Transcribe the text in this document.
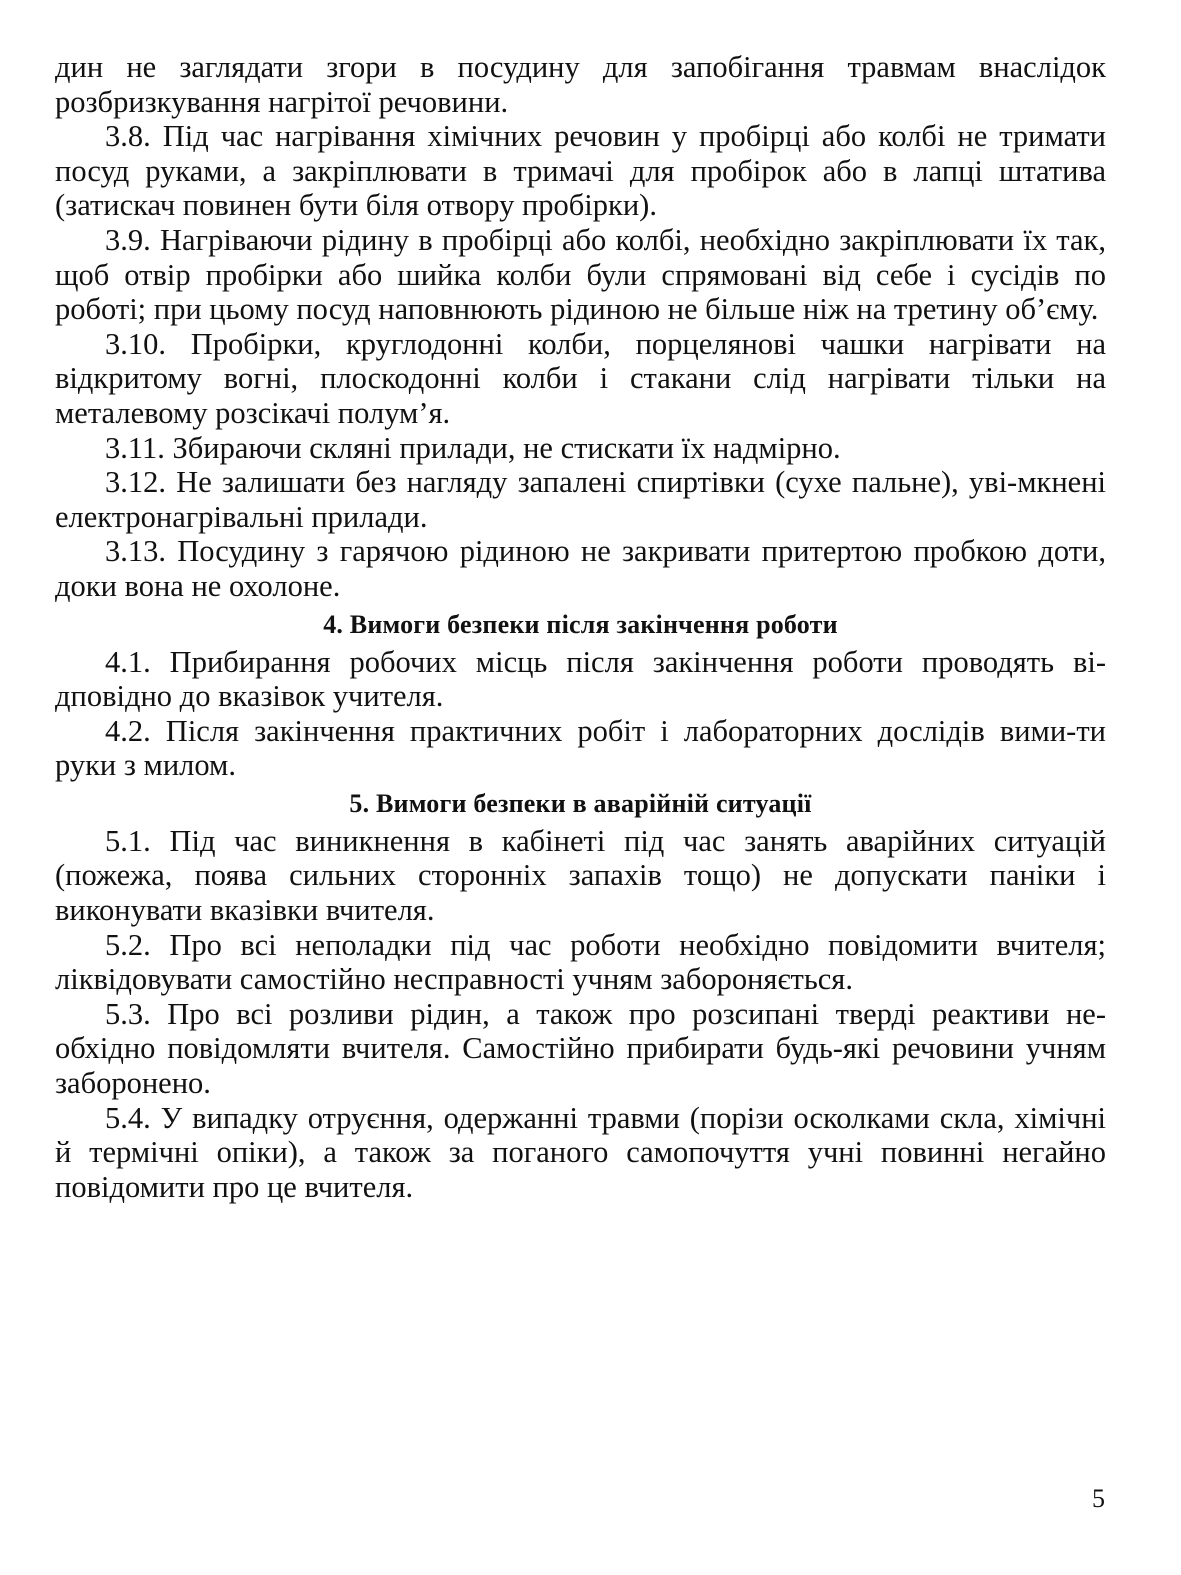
дин не заглядати згори в посудину для запобігання травмам внаслідок розбризкування нагрітої речовини.

3.8. Під час нагрівання хімічних речовин у пробірці або колбі не тримати посуд руками, а закріплювати в тримачі для пробірок або в лапці штатива (затискач повинен бути біля отвору пробірки).

3.9. Нагріваючи рідину в пробірці або колбі, необхідно закріплювати їх так, щоб отвір пробірки або шийка колби були спрямовані від себе і сусідів по роботі; при цьому посуд наповнюють рідиною не більше ніж на третину об’єму.

3.10. Пробірки, круглодонні колби, порцелянові чашки нагрівати на відкритому вогні, плоскодонні колби і стакани слід нагрівати тільки на металевому розсікачі полум’я.

3.11. Збираючи скляні прилади, не стискати їх надмірно.

3.12. Не залишати без нагляду запалені спиртівки (сухе пальне), уві-мкнені електронагрівальні прилади.

3.13. Посудину з гарячою рідиною не закривати притертою пробкою доти, доки вона не охолоне.

4. Вимоги безпеки після закінчення роботи

4.1. Прибирання робочих місць після закінчення роботи проводять ві-дповідно до вказівок учителя.

4.2. Після закінчення практичних робіт і лабораторних дослідів вими-ти руки з милом.

5. Вимоги безпеки в аварійній ситуації

5.1. Під час виникнення в кабінеті під час занять аварійних ситуацій (пожежа, поява сильних сторонніх запахів тощо) не допускати паніки і виконувати вказівки вчителя.

5.2. Про всі неполадки під час роботи необхідно повідомити вчителя; ліквідовувати самостійно несправності учням забороняється.

5.3. Про всі розливи рідин, а також про розсипані тверді реактиви не-обхідно повідомляти вчителя. Самостійно прибирати будь-які речовини учням заборонено.

5.4. У випадку отруєння, одержанні травми (порізи осколками скла, хімічні й термічні опіки), а також за поганого самопочуття учні повинні негайно повідомити про це вчителя.

5
